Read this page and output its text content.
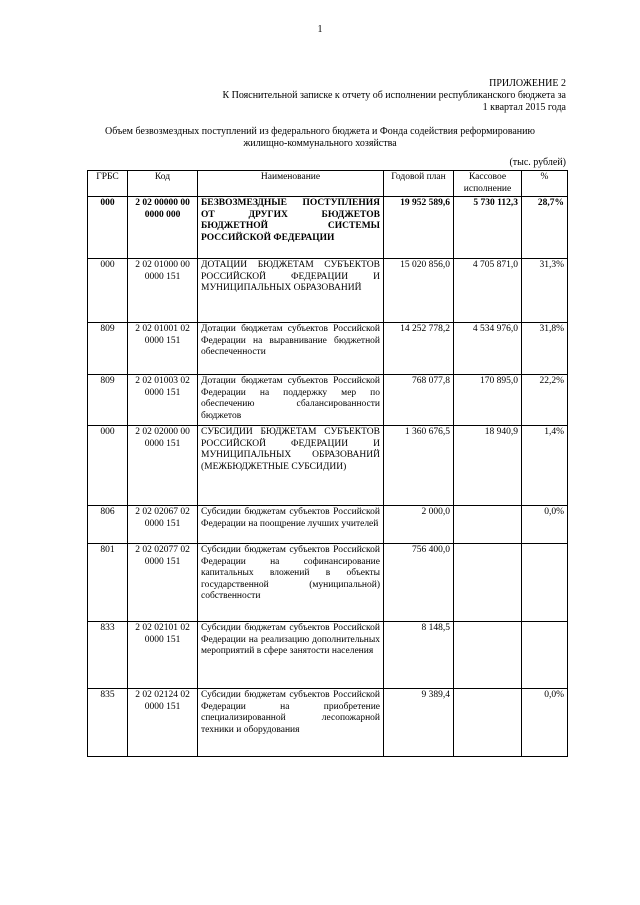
1
ПРИЛОЖЕНИЕ 2
К Пояснительной записке к отчету об исполнении республиканского бюджета за
1 квартал 2015 года
Объем безвозмездных поступлений из федерального бюджета и Фонда содействия реформированию
жилищно-коммунального хозяйства
(тыс. рублей)
ГРБС	Код	Наименование	Годовой план	Кассовое исполнение	%
000	2 02 00000 00 0000 000	БЕЗВОЗМЕЗДНЫЕ ПОСТУПЛЕНИЯ ОТ ДРУГИХ БЮДЖЕТОВ БЮДЖЕТНОЙ СИСТЕМЫ РОССИЙСКОЙ ФЕДЕРАЦИИ	19 952 589,6	5 730 112,3	28,7%
000	2 02 01000 00 0000 151	ДОТАЦИИ БЮДЖЕТАМ СУБЪЕКТОВ РОССИЙСКОЙ ФЕДЕРАЦИИ И МУНИЦИПАЛЬНЫХ ОБРАЗОВАНИЙ	15 020 856,0	4 705 871,0	31,3%
809	2 02 01001 02 0000 151	Дотации бюджетам субъектов Российской Федерации на выравнивание бюджетной обеспеченности	14 252 778,2	4 534 976,0	31,8%
809	2 02 01003 02 0000 151	Дотации бюджетам субъектов Российской Федерации на поддержку мер по обеспечению сбалансированности бюджетов	768 077,8	170 895,0	22,2%
000	2 02 02000 00 0000 151	СУБСИДИИ БЮДЖЕТАМ СУБЪЕКТОВ РОССИЙСКОЙ ФЕДЕРАЦИИ И МУНИЦИПАЛЬНЫХ ОБРАЗОВАНИЙ (МЕЖБЮДЖЕТНЫЕ СУБСИДИИ)	1 360 676,5	18 940,9	1,4%
806	2 02 02067 02 0000 151	Субсидии бюджетам субъектов Российской Федерации на поощрение лучших учителей	2 000,0		0,0%
801	2 02 02077 02 0000 151	Субсидии бюджетам субъектов Российской Федерации на софинансирование капитальных вложений в объекты государственной (муниципальной) собственности	756 400,0		
833	2 02 02101 02 0000 151	Субсидии бюджетам субъектов Российской Федерации на реализацию дополнительных мероприятий в сфере занятости населения	8 148,5		
835	2 02 02124 02 0000 151	Субсидии бюджетам субъектов Российской Федерации на приобретение специализированной лесопожарной техники и оборудования	9 389,4		0,0%
